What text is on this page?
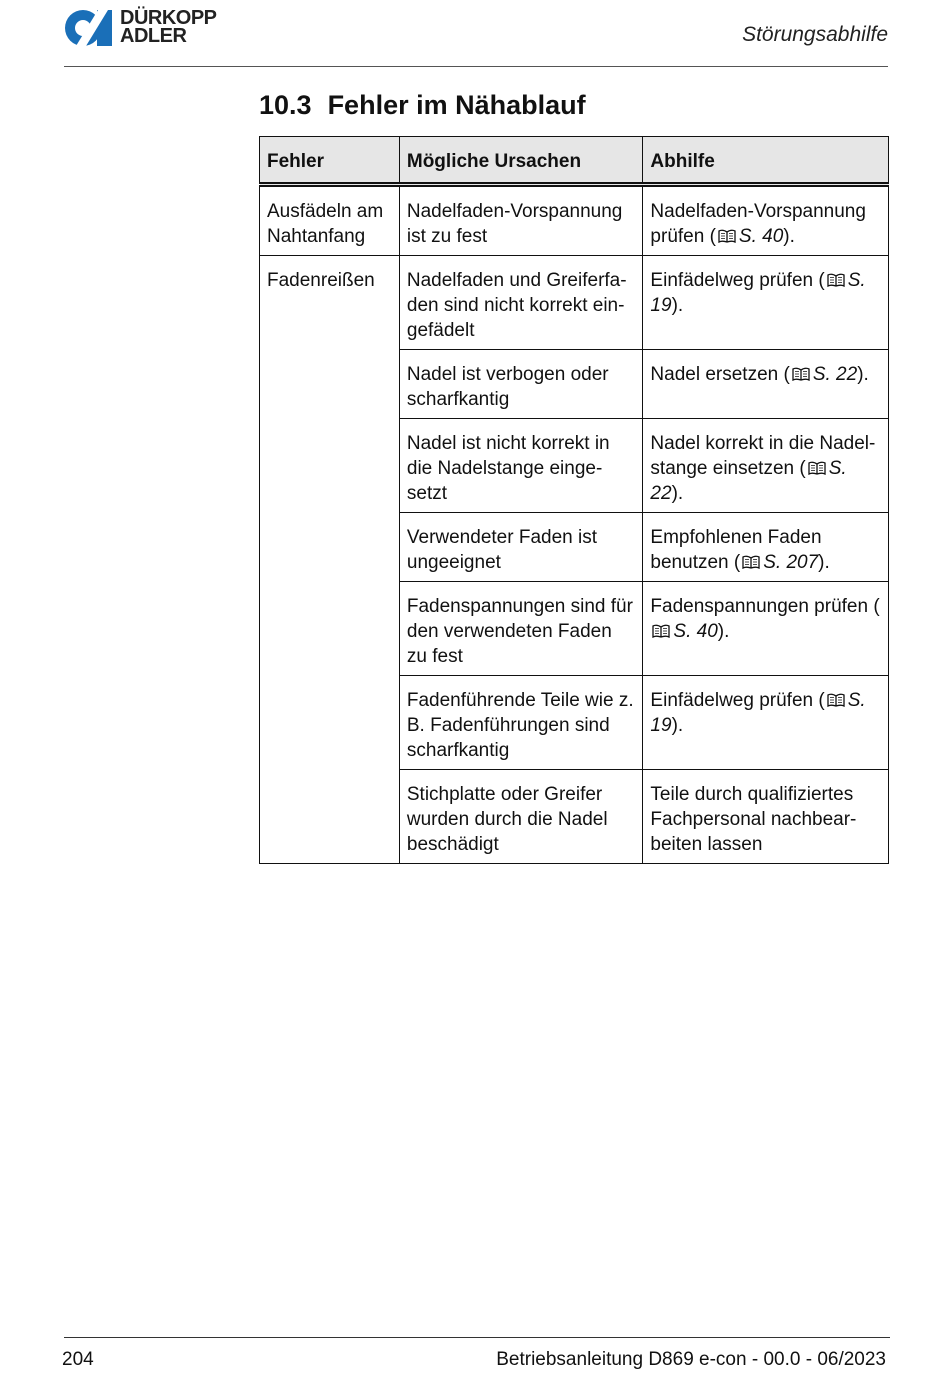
DÜRKOPP
ADLER	Störungsabhilfe
10.3 Fehler im Nähablauf
Fehler	Mögliche Ursachen	Abhilfe
Ausfädeln am Nahtanfang	Nadelfaden-Vorspannung ist zu fest	Nadelfaden-Vorspannung prüfen ( S. 40).
Fadenreißen	Nadelfaden und Greiferfa-den sind nicht korrekt ein-gefädelt	Einfädelweg prüfen ( S. 19).
	Nadel ist verbogen oder scharfkantig	Nadel ersetzen ( S. 22).
	Nadel ist nicht korrekt in die Nadelstange einge-setzt	Nadel korrekt in die Nadel-stange einsetzen ( S. 22).
	Verwendeter Faden ist ungeeignet	Empfohlenen Faden benutzen ( S. 207).
	Fadenspannungen sind für den verwendeten Faden zu fest	Fadenspannungen prüfen (S. 40).
	Fadenführende Teile wie z. B. Fadenführungen sind scharfkantig	Einfädelweg prüfen ( S. 19).
	Stichplatte oder Greifer wurden durch die Nadel beschädigt	Teile durch qualifiziertes Fachpersonal nachbear-beiten lassen
204	Betriebsanleitung D869 e-con - 00.0 - 06/2023
